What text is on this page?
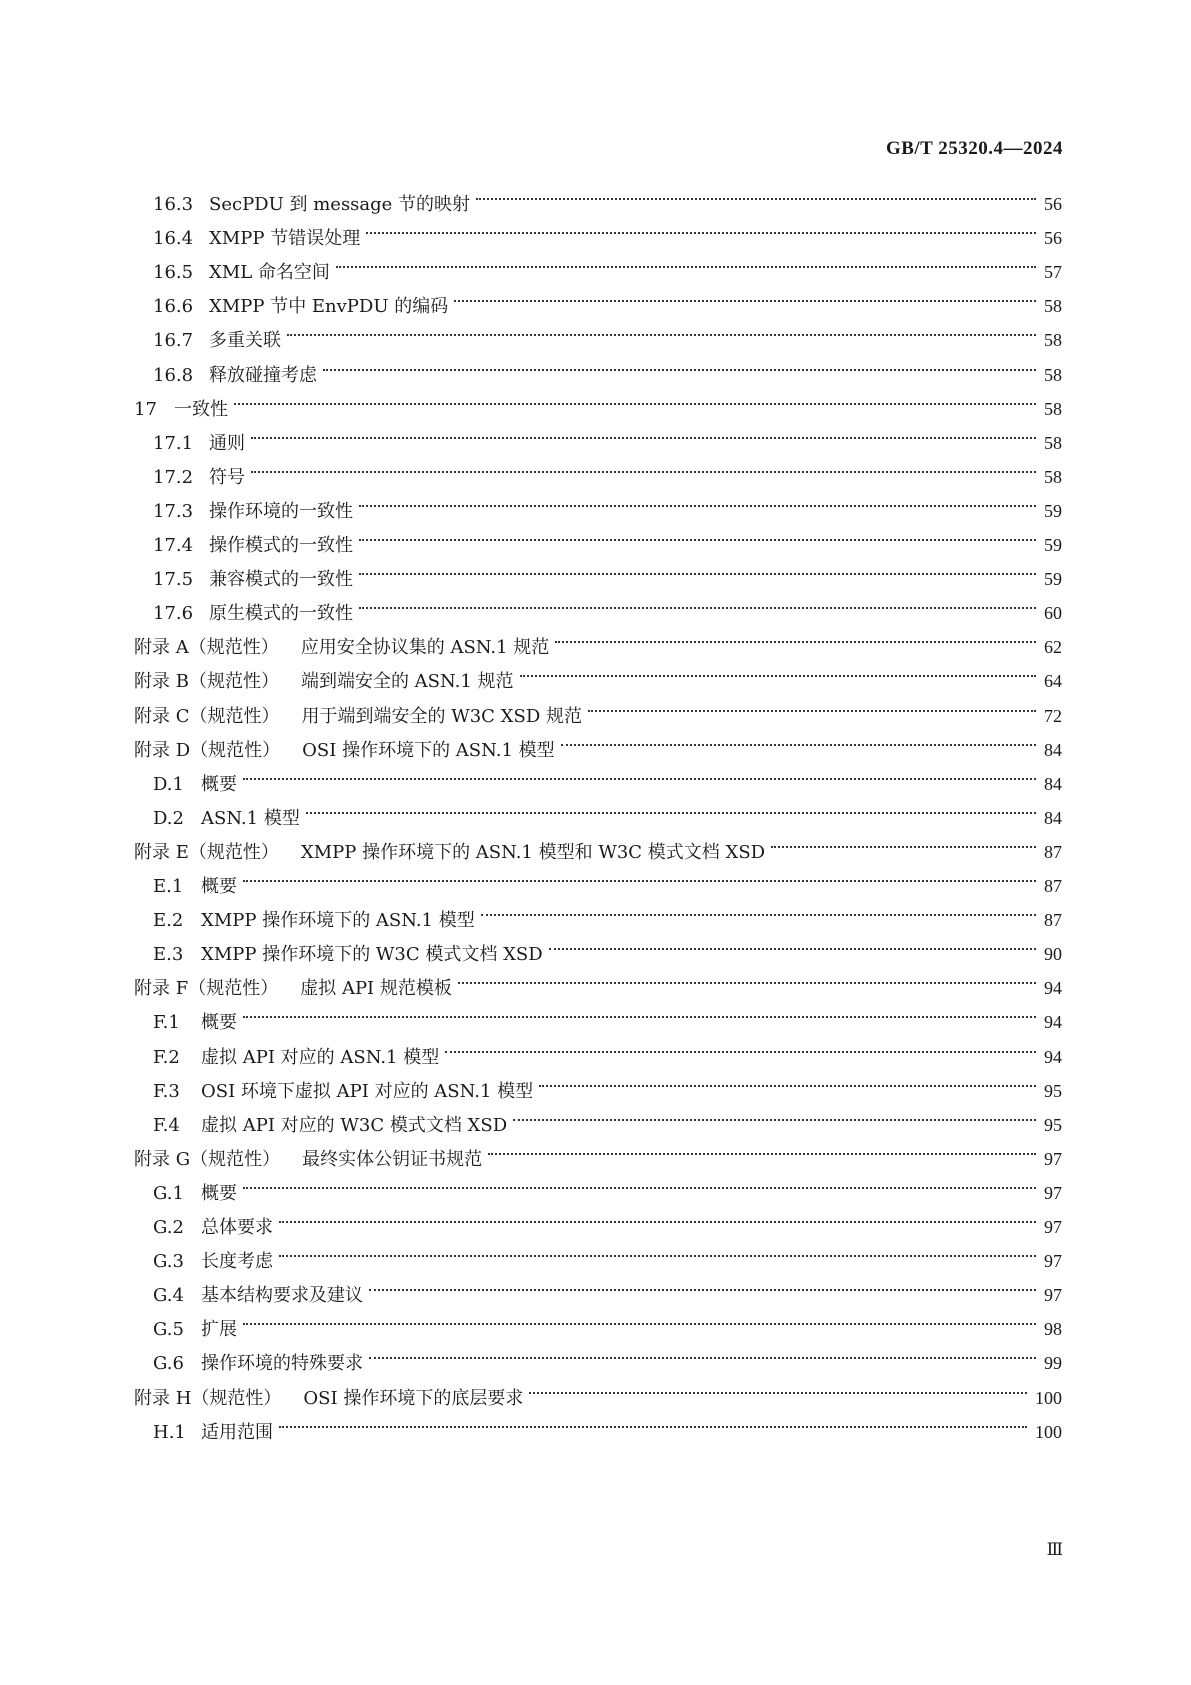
GB/T 25320.4—2024
16.3 SecPDU 到 message 节的映射	56
16.4 XMPP 节错误处理	56
16.5 XML 命名空间	57
16.6 XMPP 节中 EnvPDU 的编码	58
16.7 多重关联	58
16.8 释放碰撞考虑	58
17 一致性	58
17.1 通则	58
17.2 符号	58
17.3 操作环境的一致性	59
17.4 操作模式的一致性	59
17.5 兼容模式的一致性	59
17.6 原生模式的一致性	60
附录 A（规范性） 应用安全协议集的 ASN.1 规范	62
附录 B（规范性） 端到端安全的 ASN.1 规范	64
附录 C（规范性） 用于端到端安全的 W3C XSD 规范	72
附录 D（规范性） OSI 操作环境下的 ASN.1 模型	84
D.1 概要	84
D.2 ASN.1 模型	84
附录 E（规范性） XMPP 操作环境下的 ASN.1 模型和 W3C 模式文档 XSD	87
E.1 概要	87
E.2 XMPP 操作环境下的 ASN.1 模型	87
E.3 XMPP 操作环境下的 W3C 模式文档 XSD	90
附录 F（规范性） 虚拟 API 规范模板	94
F.1	概要	94
F.2	虚拟 API 对应的 ASN.1 模型	94
F.3	OSI 环境下虚拟 API 对应的 ASN.1 模型	95
F.4	虚拟 API 对应的 W3C 模式文档 XSD	95
附录 G（规范性） 最终实体公钥证书规范	97
G.1 概要	97
G.2 总体要求	97
G.3 长度考虑	97
G.4 基本结构要求及建议	97
G.5 扩展	98
G.6 操作环境的特殊要求	99
附录 H（规范性） OSI 操作环境下的底层要求	100
H.1 适用范围	100
Ⅲ
